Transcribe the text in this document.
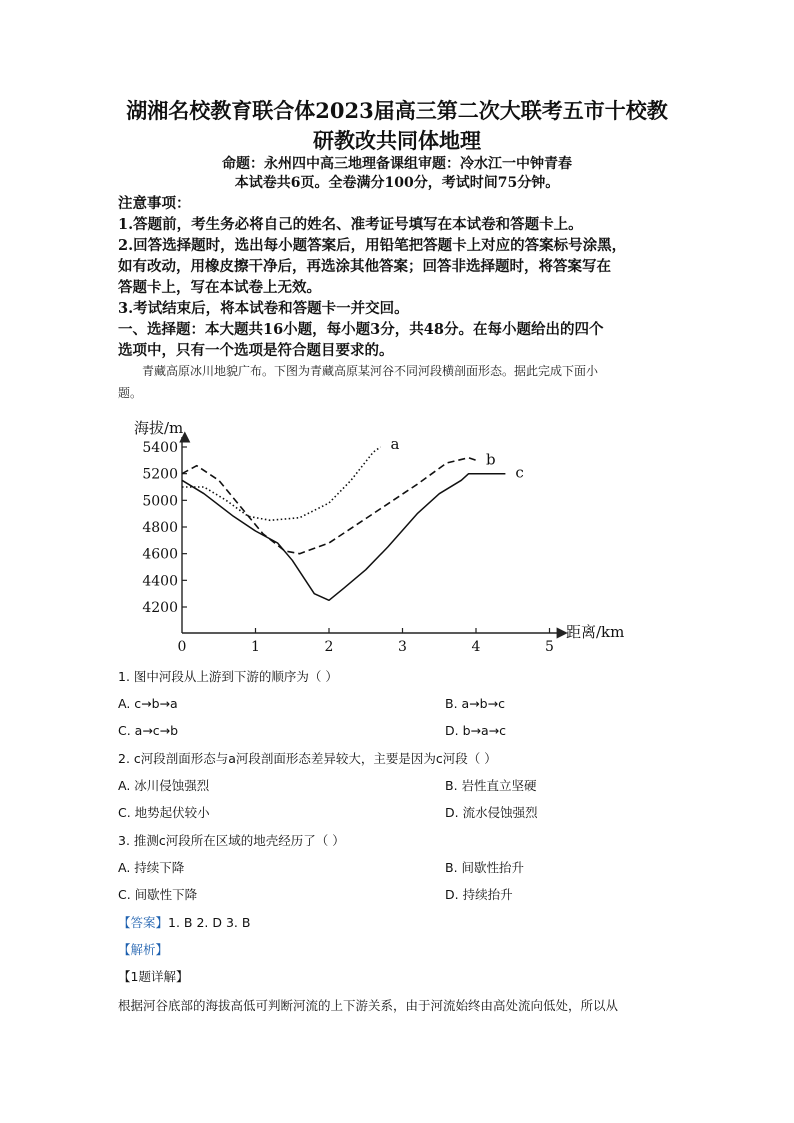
湖湘名校教育联合体2023届高三第二次大联考五市十校教
研教改共同体地理
命题：永州四中高三地理备课组审题：冷水江一中钟青春
本试卷共6页。全卷满分100分，考试时间75分钟。
注意事项：
1.答题前，考生务必将自己的姓名、准考证号填写在本试卷和答题卡上。
2.回答选择题时，选出每小题答案后，用铅笔把答题卡上对应的答案标号涂黑，
如有改动，用橡皮擦干净后，再选涂其他答案；回答非选择题时，将答案写在
答题卡上，写在本试卷上无效。
3.考试结束后，将本试卷和答题卡一并交回。
一、选择题：本大题共16小题，每小题3分，共48分。在每小题给出的四个
选项中，只有一个选项是符合题目要求的。
青藏高原冰川地貌广布。下图为青藏高原某河谷不同河段横剖面形态。据此完成下面小
题。
0	1	2	3	4	5
4200
4400
4600
4800
5000
5200
5400	a
b
c
海拔/m
距离/km
1. 图中河段从上游到下游的顺序为（ ）
A. c→b→a	B. a→b→c
C. a→c→b	D. b→a→c
2. c河段剖面形态与a河段剖面形态差异较大，主要是因为c河段（ ）
A. 冰川侵蚀强烈	B. 岩性直立坚硬
C. 地势起伏较小	D. 流水侵蚀强烈
3. 推测c河段所在区域的地壳经历了（ ）
A. 持续下降	B. 间歇性抬升
C. 间歇性下降	D. 持续抬升
【答案】1. B 2. D 3. B
【解析】
【1题详解】
根据河谷底部的海拔高低可判断河流的上下游关系，由于河流始终由高处流向低处，所以从
